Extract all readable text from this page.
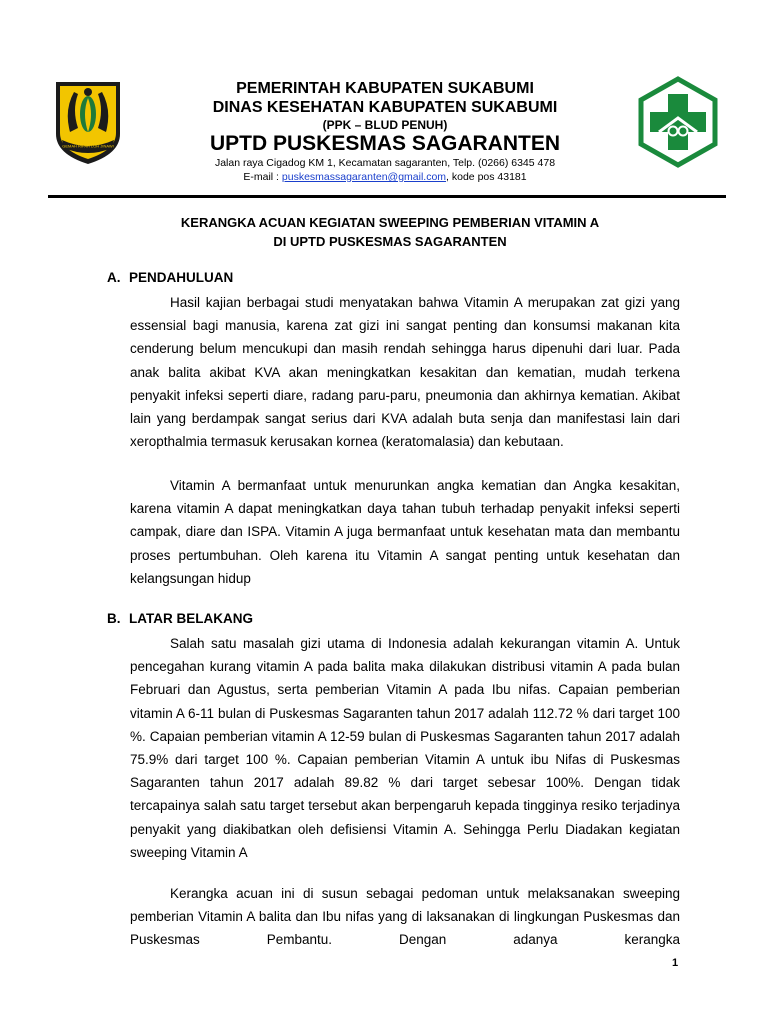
GEMAH RIPAH LOH JINAWI
PEMERINTAH KABUPATEN SUKABUMI
DINAS KESEHATAN KABUPATEN SUKABUMI
(PPK – BLUD PENUH)
UPTD PUSKESMAS SAGARANTEN
Jalan raya Cigadog KM 1, Kecamatan sagaranten, Telp. (0266) 6345 478
E-mail : puskesmassagaranten@gmail.com, kode pos 43181
KERANGKA ACUAN KEGIATAN SWEEPING PEMBERIAN VITAMIN A
DI UPTD PUSKESMAS SAGARANTEN
A. PENDAHULUAN

Hasil kajian berbagai studi menyatakan bahwa Vitamin A merupakan zat gizi yang essensial bagi manusia, karena zat gizi ini sangat penting dan konsumsi makanan kita cenderung belum mencukupi dan masih rendah sehingga harus dipenuhi dari luar. Pada anak balita akibat KVA akan meningkatkan kesakitan dan kematian, mudah terkena penyakit infeksi seperti diare, radang paru-paru, pneumonia dan akhirnya kematian. Akibat lain yang berdampak sangat serius dari KVA adalah buta senja dan manifestasi lain dari xeropthalmia termasuk kerusakan kornea (keratomalasia) dan kebutaan.

Vitamin A bermanfaat untuk menurunkan angka kematian dan Angka kesakitan, karena vitamin A dapat meningkatkan daya tahan tubuh terhadap penyakit infeksi seperti campak, diare dan ISPA. Vitamin A juga bermanfaat untuk kesehatan mata dan membantu proses pertumbuhan. Oleh karena itu Vitamin A sangat penting untuk kesehatan dan kelangsungan hidup

B. LATAR BELAKANG

Salah satu masalah gizi utama di Indonesia adalah kekurangan vitamin A. Untuk pencegahan kurang vitamin A pada balita maka dilakukan distribusi vitamin A pada bulan Februari dan Agustus, serta pemberian Vitamin A pada Ibu nifas. Capaian pemberian vitamin A 6-11 bulan di Puskesmas Sagaranten tahun 2017 adalah 112.72 % dari target 100 %. Capaian pemberian vitamin A 12-59 bulan di Puskesmas Sagaranten tahun 2017 adalah 75.9% dari target 100 %. Capaian pemberian Vitamin A untuk ibu Nifas di Puskesmas Sagaranten tahun 2017 adalah 89.82 % dari target sebesar 100%. Dengan tidak tercapainya salah satu target tersebut akan berpengaruh kepada tingginya resiko terjadinya penyakit yang diakibatkan oleh defisiensi Vitamin A. Sehingga Perlu Diadakan kegiatan sweeping Vitamin A

Kerangka acuan ini di susun sebagai pedoman untuk melaksanakan sweeping pemberian Vitamin A balita dan Ibu nifas yang di laksanakan di lingkungan Puskesmas dan Puskesmas Pembantu. Dengan adanya kerangka

1
